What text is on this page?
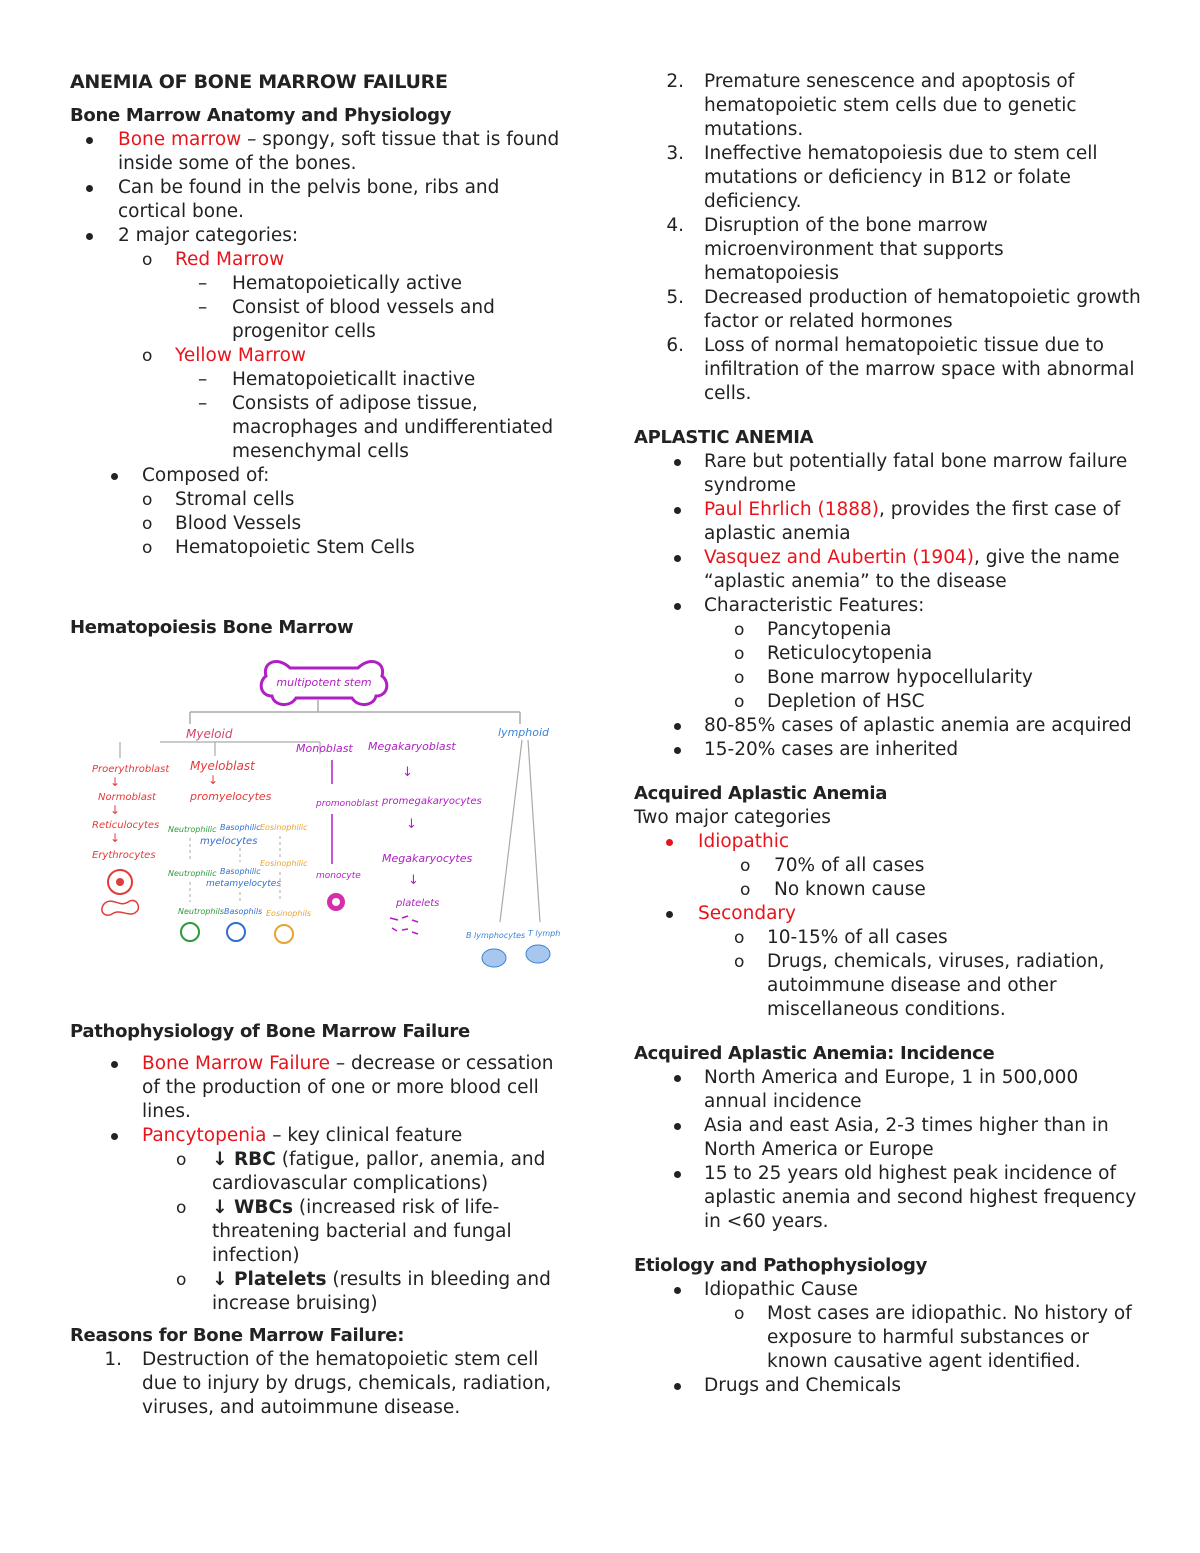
ANEMIA OF BONE MARROW FAILURE
Bone Marrow Anatomy and Physiology
Bone marrow – spongy, soft tissue that is found inside some of the bones.
Can be found in the pelvis bone, ribs and cortical bone.
2 major categories:
o Red Marrow
– Hematopoietically active
– Consist of blood vessels and progenitor cells
o Yellow Marrow
– Hematopoieticallt inactive
– Consists of adipose tissue, macrophages and undifferentiated mesenchymal cells
Composed of:
o Stromal cells
o Blood Vessels
o Hematopoietic Stem Cells
Hematopoiesis Bone Marrow
multipotent stem
Myeloid	lymphoid
Proerythroblast
↓
Normoblast
↓
Reticulocytes
↓
Erythrocytes
Myeloblast
↓
promyelocytes
Neutrophilic Basophilic Eosinophilic
myelocytes
Neutrophilic Basophilic
Eosinophilic
metamyelocytes
Neutrophils Basophils Eosinophils
Monoblast
promonoblast
monocyte
Megakaryoblast
↓
promegakaryocytes
↓
Megakaryocytes
↓
platelets
B lymphocytes T lymph
Pathophysiology of Bone Marrow Failure
Bone Marrow Failure – decrease or cessation of the production of one or more blood cell lines.
Pancytopenia – key clinical feature
o ↓ RBC (fatigue, pallor, anemia, and cardiovascular complications)
o ↓ WBCs (increased risk of life-threatening bacterial and fungal infection)
o ↓ Platelets (results in bleeding and increase bruising)
Reasons for Bone Marrow Failure:
1. Destruction of the hematopoietic stem cell due to injury by drugs, chemicals, radiation, viruses, and autoimmune disease.
2. Premature senescence and apoptosis of hematopoietic stem cells due to genetic mutations.
3. Ineffective hematopoiesis due to stem cell mutations or deficiency in B12 or folate deficiency.
4. Disruption of the bone marrow microenvironment that supports hematopoiesis
5. Decreased production of hematopoietic growth factor or related hormones
6. Loss of normal hematopoietic tissue due to infiltration of the marrow space with abnormal cells.
APLASTIC ANEMIA
Rare but potentially fatal bone marrow failure syndrome
Paul Ehrlich (1888), provides the first case of aplastic anemia
Vasquez and Aubertin (1904), give the name “aplastic anemia” to the disease
Characteristic Features:
o Pancytopenia
o Reticulocytopenia
o Bone marrow hypocellularity
o Depletion of HSC
80-85% cases of aplastic anemia are acquired
15-20% cases are inherited
Acquired Aplastic Anemia
Two major categories
Idiopathic
o 70% of all cases
o No known cause
Secondary
o 10-15% of all cases
o Drugs, chemicals, viruses, radiation, autoimmune disease and other miscellaneous conditions.
Acquired Aplastic Anemia: Incidence
North America and Europe, 1 in 500,000 annual incidence
Asia and east Asia, 2-3 times higher than in North America or Europe
15 to 25 years old highest peak incidence of aplastic anemia and second highest frequency in <60 years.
Etiology and Pathophysiology
Idiopathic Cause
o Most cases are idiopathic. No history of exposure to harmful substances or known causative agent identified.
Drugs and Chemicals
